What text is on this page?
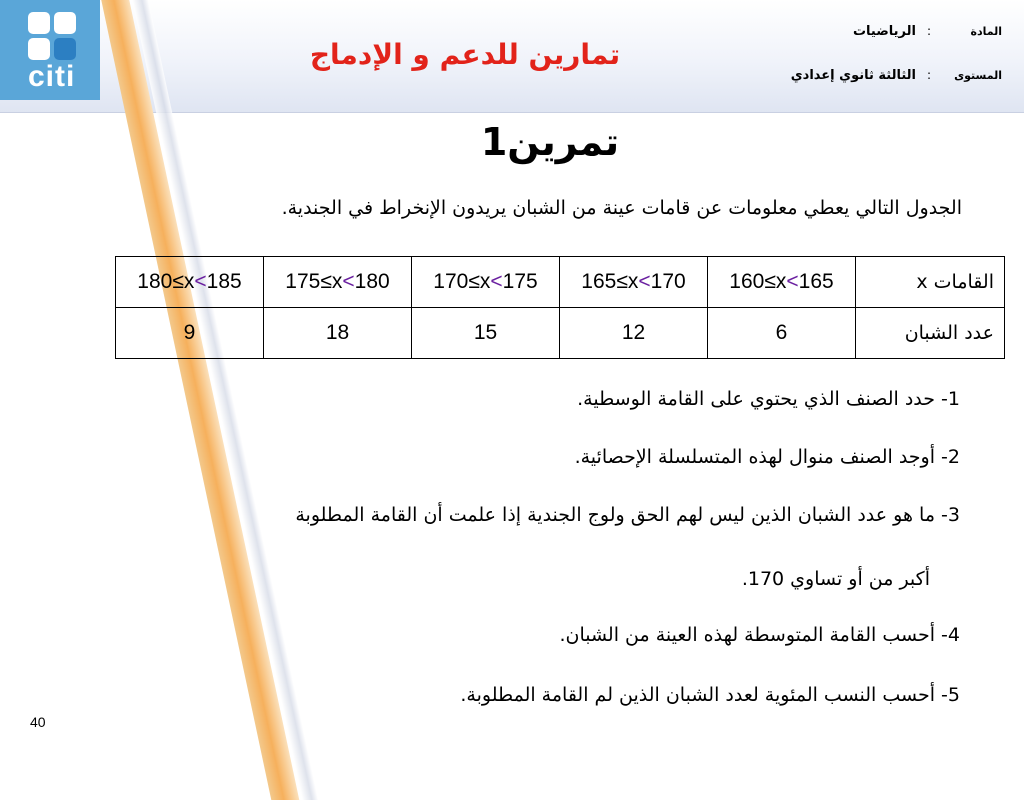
citi
تمارين للدعم و الإدماج
المادة
:
الرياضيات
المستوى
:
الثالثة ثانوي إعدادي
تمرين1
الجدول التالي يعطي معلومات عن قامات عينة من الشبان يريدون الإنخراط في الجندية.
القامات x	160≤x<165	165≤x<170	170≤x<175	175≤x<180	180≤x<185
عدد الشبان	6	12	15	18	9
1- حدد الصنف الذي يحتوي على القامة الوسطية.
2- أوجد الصنف منوال لهذه المتسلسلة الإحصائية.
3- ما هو عدد الشبان الذين ليس لهم الحق ولوج الجندية إذا علمت أن القامة المطلوبة
أكبر من أو تساوي 170.
4- أحسب القامة المتوسطة لهذه العينة من الشبان.
5- أحسب النسب المئوية لعدد الشبان الذين لم القامة المطلوبة.
40
